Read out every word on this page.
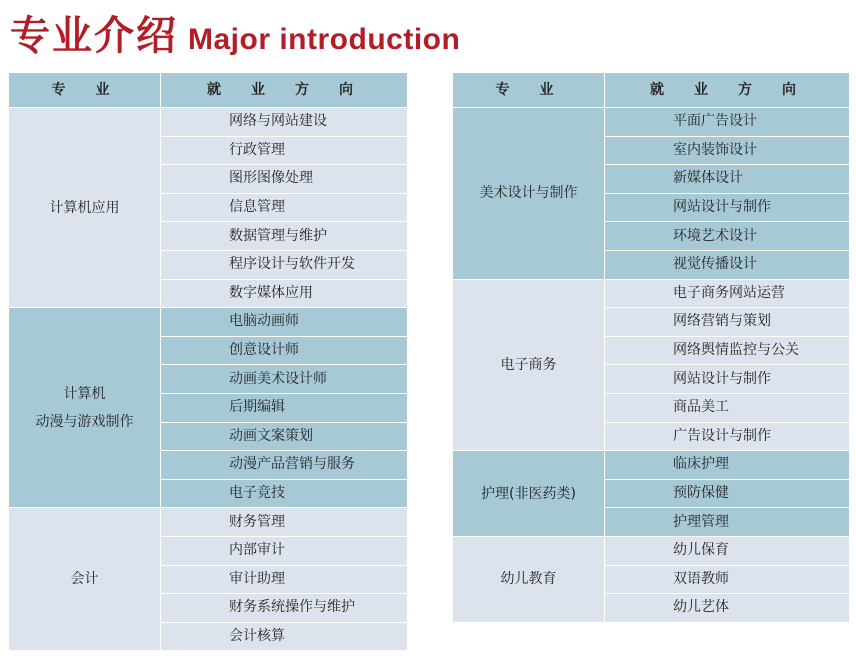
专业介绍 Major introduction
专　业	就　业　方　向
计算机应用	网络与网站建设
	行政管理
	图形图像处理
	信息管理
	数据管理与维护
	程序设计与软件开发
	数字媒体应用

计算机
动漫与游戏制作	电脑动画师
	创意设计师
	动画美术设计师
	后期编辑
	动画文案策划
	动漫产品营销与服务
	电子竞技
会计	财务管理
	内部审计
	审计助理
	财务系统操作与维护
	会计核算
专　业	就　业　方　向
美术设计与制作	平面广告设计
	室内装饰设计
	新媒体设计
	网站设计与制作
	环境艺术设计
	视觉传播设计
电子商务	电子商务网站运营
	网络营销与策划
	网络舆情监控与公关
	网站设计与制作
	商品美工
	广告设计与制作
护理(非医药类)	临床护理
	预防保健
	护理管理
幼儿教育	幼儿保育
	双语教师
	幼儿艺体
